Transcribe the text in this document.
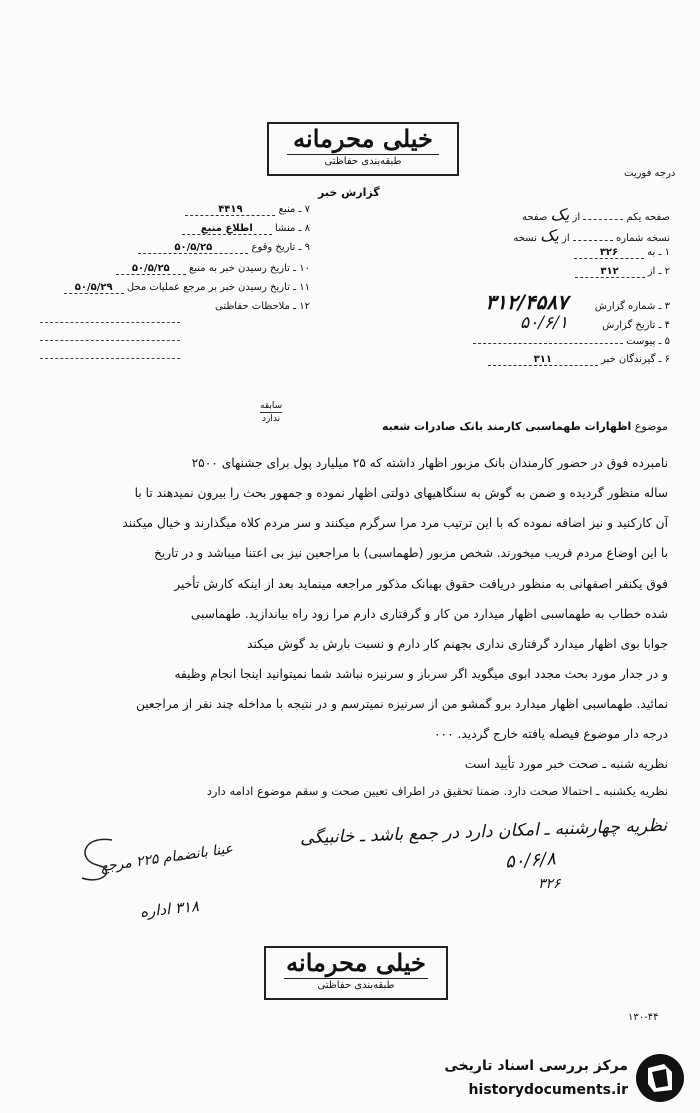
خیلی محرمانه
طبقه‌بندی حفاظتی
گزارش خبر
درجه فوریت
۷ ـ منبع ۴۴۱۹
۸ ـ منشا اطلاع منبع
۹ ـ تاریخ وقوع ۵۰/۵/۲۵
۱۰ ـ تاریخ رسیدن خبر به منبع ۵۰/۵/۲۵
۱۱ ـ تاریخ رسیدن خبر بر مرجع عملیات محل ۵۰/۵/۲۹
۱۲ ـ ملاحظات حفاظتی
صفحه یکم  از یک صفحه
نسخه شماره  از یک نسخه
۱ ـ به ۳۲۶
۲ ـ از ۳۱۲
۳ ـ شماره گزارش ۳۱۲/۴۵۸۷
۴ ـ تاریخ گزارش ۵۰/۶/۱
۵ ـ پیوست
۶ ـ گیرندگان خبر ۳۱۱
موضوع اظهارات طهماسبی کارمند بانک صادرات شعبه
سابقه
ندارد
نامبرده فوق در حضور کارمندان بانک مزبور اظهار داشته که ۲۵ میلیارد پول برای جشنهای ۲۵۰۰
ساله منظور گردیده و ضمن به گوش به سنگاهیهای دولتی اظهار نموده و جمهور بحث را بیرون نمیدهند تا با
آن کارکنید و نیز اضافه نموده که با این ترتیب مرد مرا سرگرم میکنند و سر مردم کلاه میگذارند و خیال میکنند
با این اوضاع مردم فریب میخورند. شخص مزبور (طهماسبی) با مراجعین نیز بی اعتنا میباشد و در تاریخ
فوق یکنفر اصفهانی به منظور دریافت حقوق بهبانک مذکور مراجعه مینماید بعد از اینکه کارش تأخیر
شده خطاب به طهماسبی اظهار میدارد من کار و گرفتاری دارم مرا زود راه بیاندازید. طهماسبی
جوابا بوی اظهار میدارد گرفتاری نداری بجهنم کار دارم و نسبت بارش بد گوش میکند
و در جدار مورد بحث مجدد ابوی میگوید اگر سرباز و سرنیزه نباشد شما نمیتوانید اینجا انجام وظیفه
نمائید. طهماسبی اظهار میدارد برو گمشو من از سرنیزه نمیترسم و در نتیجه با مداخله چند نفر از مراجعین
درجه دار موضوع فیصله یافته خارج گردید. ۰۰۰
نظریه شنبه ـ صحت خبر مورد تأیید است
نظریه یکشنبه ـ احتمالا صحت دارد. ضمنا تحقیق در اطراف تعیین صحت و سقم موضوع ادامه دارد
نظریه چهارشنبه ـ امکان دارد در جمع باشد ـ خانبیگی
عینا بانضمام ۲۲۵ مرجع	۵۰/۶/۸
۳۲۶
۳۱۸ اداره
خیلی محرمانه
طبقه‌بندی حفاظتی
۱۳۰-۴۴
مرکز بررسی اسناد تاریخی
historydocuments.ir
